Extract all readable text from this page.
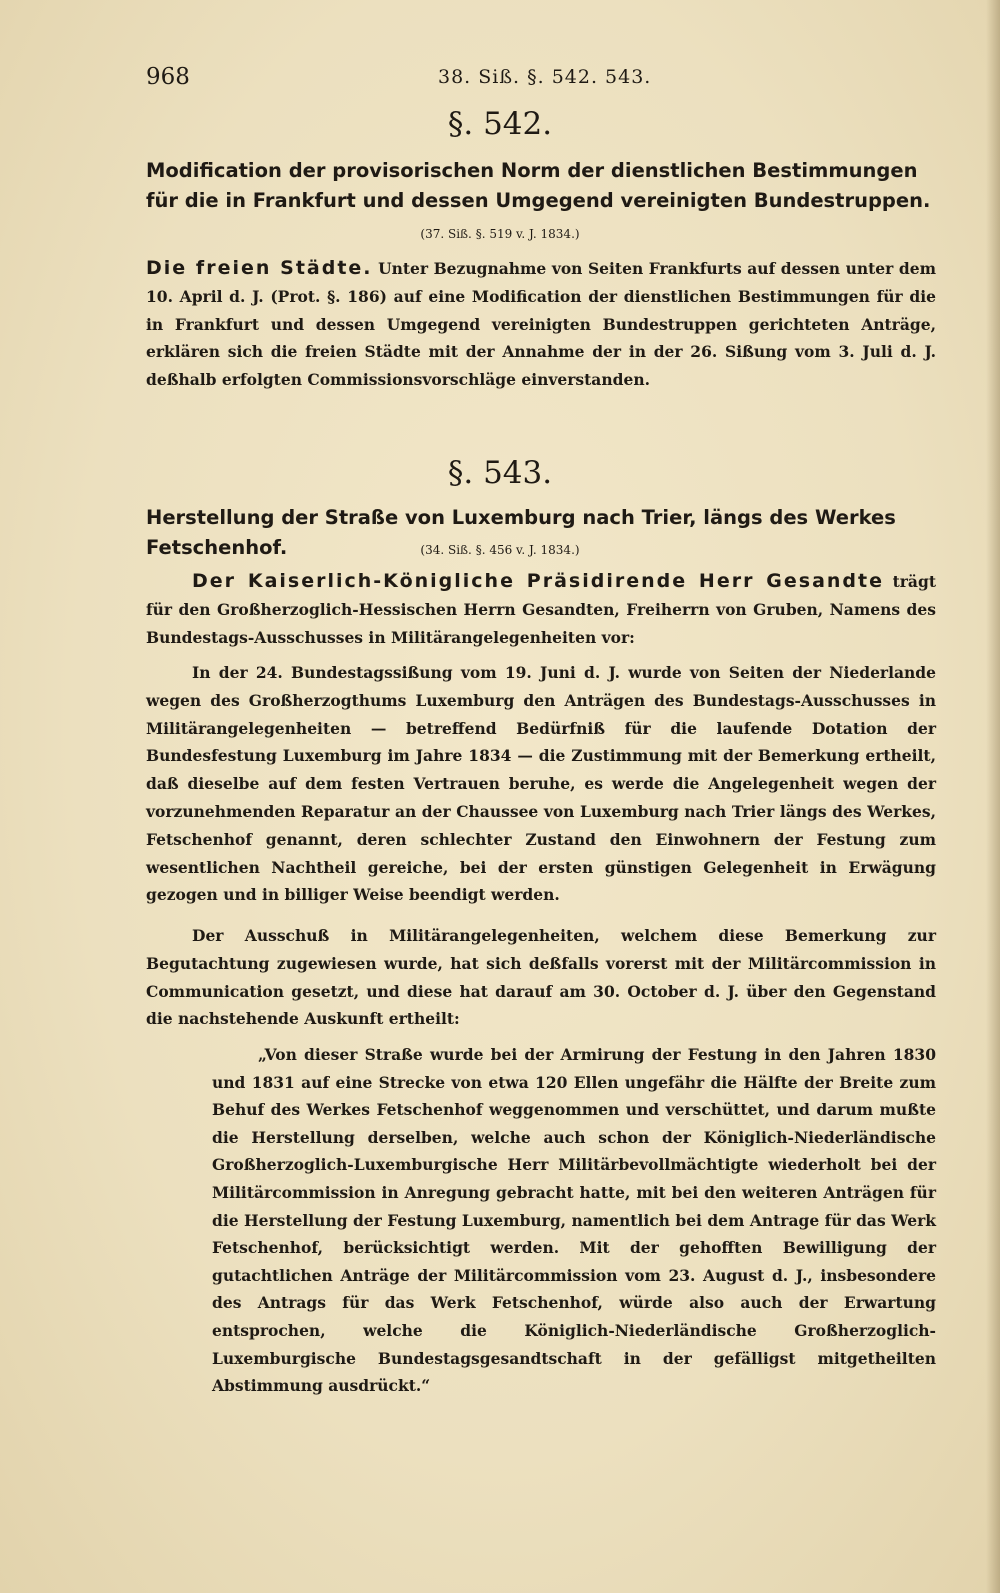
968	38. Siß. §. 542. 543.
§. 542.
Modification der provisorischen Norm der dienstlichen Bestimmungen für die in Frankfurt und dessen Umgegend vereinigten Bundestruppen.
(37. Siß. §. 519 v. J. 1834.)
Die freien Städte. Unter Bezugnahme von Seiten Frankfurts auf dessen unter dem 10. April d. J. (Prot. §. 186) auf eine Modification der dienstlichen Bestimmungen für die in Frankfurt und dessen Umgegend vereinigten Bundestruppen gerichteten Anträge, erklären sich die freien Städte mit der Annahme der in der 26. Sißung vom 3. Juli d. J. deßhalb erfolgten Commissionsvorschläge einverstanden.
§. 543.
Herstellung der Straße von Luxemburg nach Trier, längs des Werkes Fetschenhof.	(34. Siß. §. 456 v. J. 1834.)
Der Kaiserlich-Königliche Präsidirende Herr Gesandte trägt für den Großherzoglich-Hessischen Herrn Gesandten, Freiherrn von Gruben, Namens des Bundestags-Ausschusses in Militärangelegenheiten vor:
In der 24. Bundestagssißung vom 19. Juni d. J. wurde von Seiten der Niederlande wegen des Großherzogthums Luxemburg den Anträgen des Bundestags-Ausschusses in Militärangelegenheiten — betreffend Bedürfniß für die laufende Dotation der Bundesfestung Luxemburg im Jahre 1834 — die Zustimmung mit der Bemerkung ertheilt, daß dieselbe auf dem festen Vertrauen beruhe, es werde die Angelegenheit wegen der vorzunehmenden Reparatur an der Chaussee von Luxemburg nach Trier längs des Werkes, Fetschenhof genannt, deren schlechter Zustand den Einwohnern der Festung zum wesentlichen Nachtheil gereiche, bei der ersten günstigen Gelegenheit in Erwägung gezogen und in billiger Weise beendigt werden.
Der Ausschuß in Militärangelegenheiten, welchem diese Bemerkung zur Begutachtung zugewiesen wurde, hat sich deßfalls vorerst mit der Militärcommission in Communication gesetzt, und diese hat darauf am 30. October d. J. über den Gegenstand die nachstehende Auskunft ertheilt:
„Von dieser Straße wurde bei der Armirung der Festung in den Jahren 1830 und 1831 auf eine Strecke von etwa 120 Ellen ungefähr die Hälfte der Breite zum Behuf des Werkes Fetschenhof weggenommen und verschüttet, und darum mußte die Herstellung derselben, welche auch schon der Königlich-Niederländische Großherzoglich-Luxemburgische Herr Militärbevollmächtigte wiederholt bei der Militärcommission in Anregung gebracht hatte, mit bei den weiteren Anträgen für die Herstellung der Festung Luxemburg, namentlich bei dem Antrage für das Werk Fetschenhof, berücksichtigt werden. Mit der gehofften Bewilligung der gutachtlichen Anträge der Militärcommission vom 23. August d. J., insbesondere des Antrags für das Werk Fetschenhof, würde also auch der Erwartung entsprochen, welche die Königlich-Niederländische Großherzoglich-Luxemburgische Bundestagsgesandtschaft in der gefälligst mitgetheilten Abstimmung ausdrückt.“
